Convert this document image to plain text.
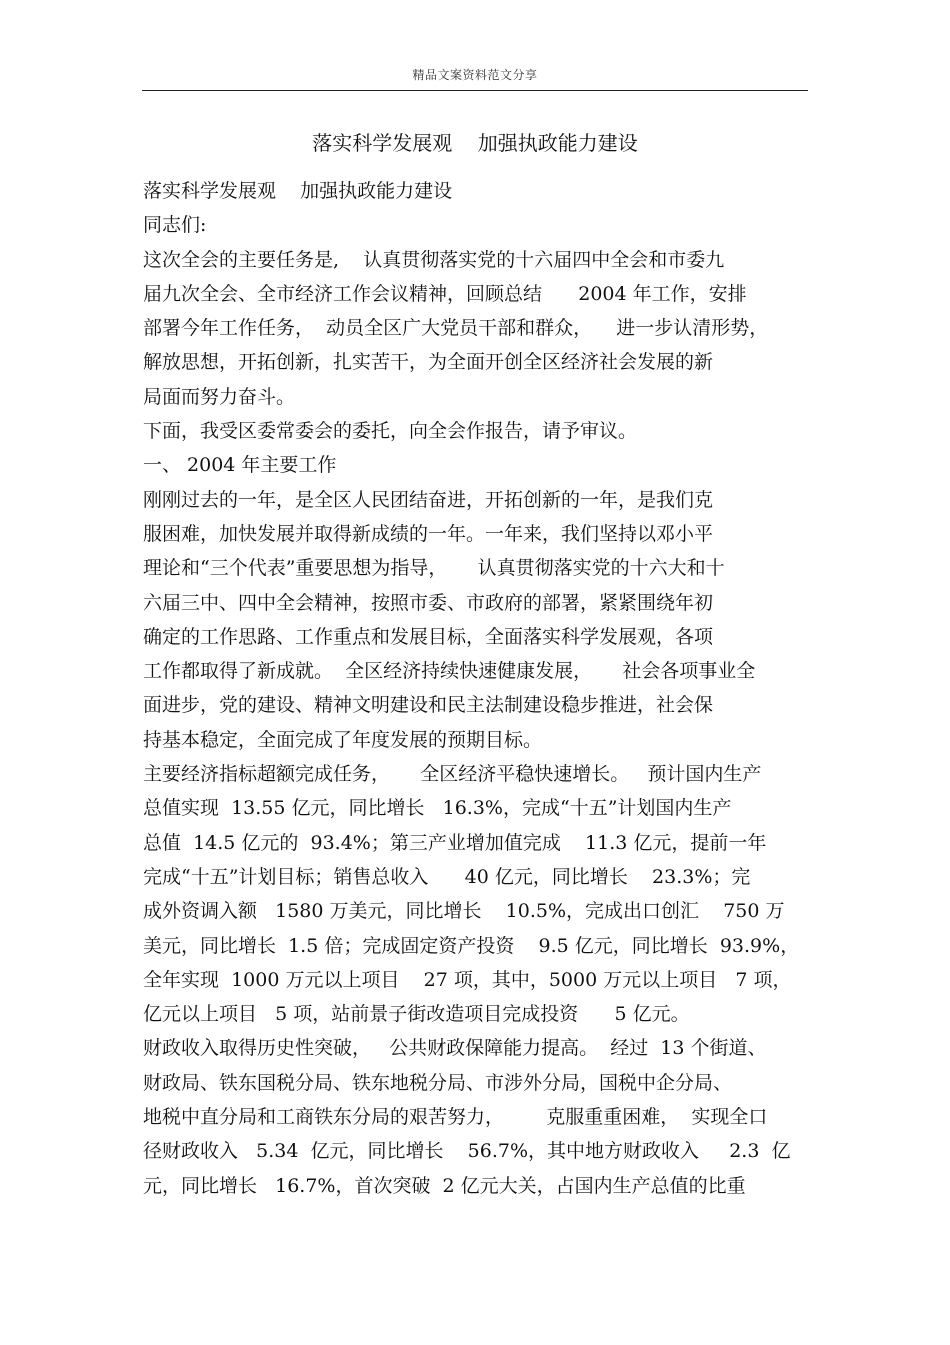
精品文案资料范文分享
落实科学发展观    加强执政能力建设
落实科学发展观    加强执政能力建设
同志们:
这次全会的主要任务是,    认真贯彻落实党的十六届四中全会和市委九
届九次全会、全市经济工作会议精神，回顾总结      2004 年工作，安排
部署今年工作任务，  动员全区广大党员干部和群众，    进一步认清形势，
解放思想，开拓创新，扎实苦干，为全面开创全区经济社会发展的新
局面而努力奋斗。
下面，我受区委常委会的委托，向全会作报告，请予审议。
一、 2004 年主要工作
刚刚过去的一年，是全区人民团结奋进，开拓创新的一年，是我们克
服困难，加快发展并取得新成绩的一年。一年来，我们坚持以邓小平
理论和“三个代表”重要思想为指导，     认真贯彻落实党的十六大和十
六届三中、四中全会精神，按照市委、市政府的部署，紧紧围绕年初
确定的工作思路、工作重点和发展目标，全面落实科学发展观，各项
工作都取得了新成就。  全区经济持续快速健康发展，     社会各项事业全
面进步，党的建设、精神文明建设和民主法制建设稳步推进，社会保
持基本稳定，全面完成了年度发展的预期目标。
主要经济指标超额完成任务，     全区经济平稳快速增长。   预计国内生产
总值实现  13.55 亿元，同比增长   16.3%，完成“十五”计划国内生产
总值  14.5 亿元的  93.4%；第三产业增加值完成    11.3 亿元，提前一年
完成“十五”计划目标；销售总收入      40 亿元，同比增长    23.3%；完
成外资调入额   1580 万美元，同比增长    10.5%，完成出口创汇    750 万
美元，同比增长  1.5 倍；完成固定资产投资    9.5 亿元，同比增长  93.9%，
全年实现  1000 万元以上项目    27 项，其中，5000 万元以上项目   7 项，
亿元以上项目   5 项，站前景子街改造项目完成投资      5 亿元。
财政收入取得历史性突破，   公共财政保障能力提高。  经过  13 个街道、
财政局、铁东国税分局、铁东地税分局、市涉外分局，国税中企分局、
地税中直分局和工商铁东分局的艰苦努力，       克服重重困难，  实现全口
径财政收入   5.34  亿元，同比增长    56.7%，其中地方财政收入     2.3  亿
元，同比增长   16.7%，首次突破  2 亿元大关，占国内生产总值的比重
